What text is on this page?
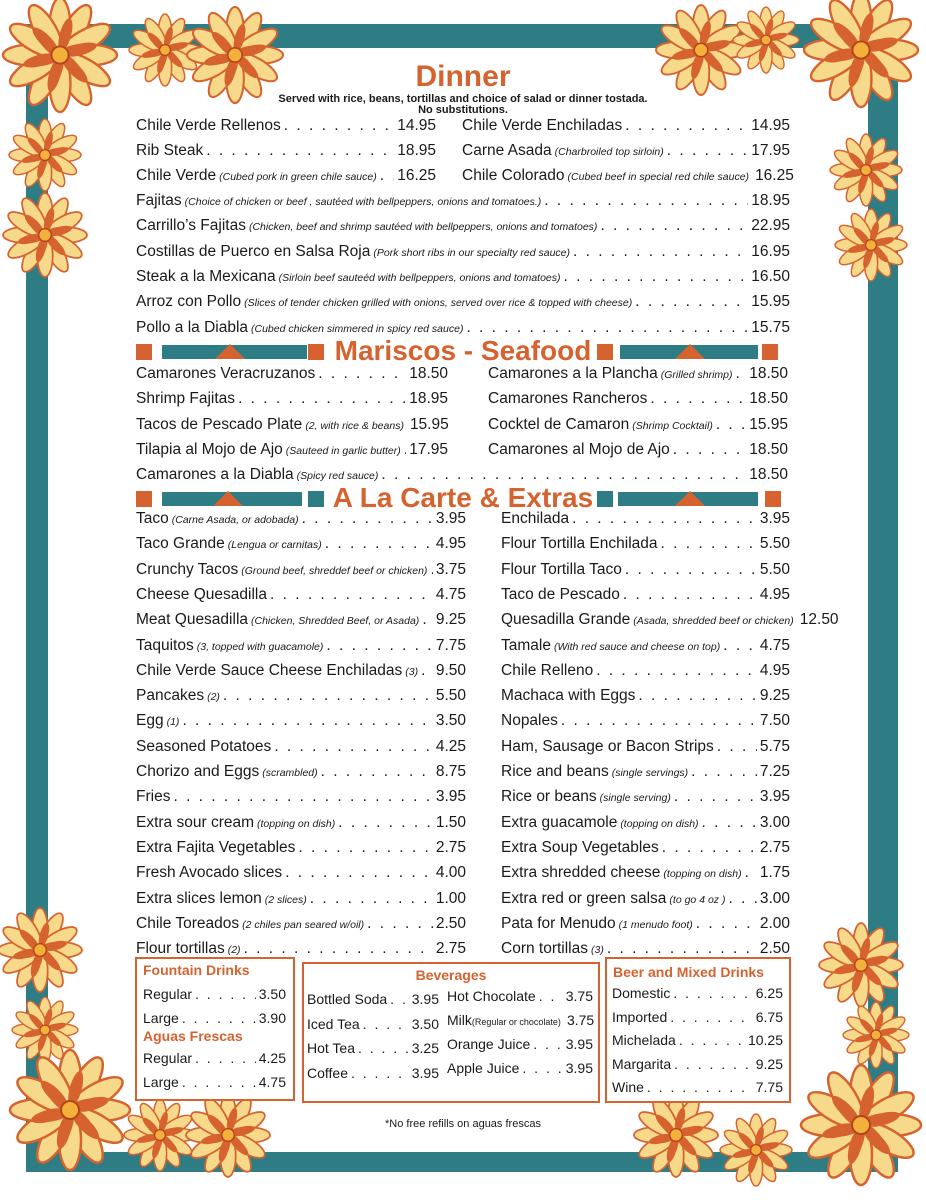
Dinner
Served with rice, beans, tortillas and choice of salad or dinner tostada.
No substitutions.
Chile Verde Rellenos . . .	14.95
Rib Steak . . .	18.95
Chile Verde (Cubed pork in green chile sauce) . . . 16.25
Chile Verde Enchiladas . . .	14.95
Carne Asada (Charbroiled top sirloin) . . .	17.95
Chile Colorado (Cubed beef in special red chile sauce) 16.25
Fajitas (Choice of chicken or beef , sautéed with bellpeppers, onions and tomatoes.) . . .	18.95
Carrillo’s Fajitas (Chicken, beef and shrimp sautéed with bellpeppers, onions and tomatoes) . . .	22.95
Costillas de Puerco en Salsa Roja (Pork short ribs in our specialty red sauce) . . .	16.95
Steak a la Mexicana (Sirloin beef sauteéd with bellpeppers, onions and tomatoes) . . .	16.50
Arroz con Pollo (Slices of tender chicken grilled with onions, served over rice & topped with cheese) . . .	15.95
Pollo a la Diabla (Cubed chicken simmered in spicy red sauce) . . .	15.75
Mariscos - Seafood
Camarones Veracruzanos . . .	18.50
Shrimp Fajitas . . .	18.95
Tacos de Pescado Plate (2, with rice & beans) 15.95
Tilapia al Mojo de Ajo (Sauteed in garlic butter) . . . 17.95
Camarones a la Plancha (Grilled shrimp) . . . 18.50
Camarones Rancheros . . .	18.50
Cocktel de Camaron (Shrimp Cocktail) . . . 15.95
Camarones al Mojo de Ajo . . .	18.50
Camarones a la Diabla (Spicy red sauce) . . .	18.50
A La Carte & Extras
Taco (Carne Asada, or adobada) . . .	3.95
Taco Grande (Lengua or carnitas) . . .	4.95
Crunchy Tacos (Ground beef, shreddef beef or chicken) . . . 3.75
Cheese Quesadilla . . .	4.75
Meat Quesadilla (Chicken, Shredded Beef, or Asada) . . . 9.25
Taquitos (3, topped with guacamole) . . .	7.75
Chile Verde Sauce Cheese Enchiladas (3) . . . 9.50
Pancakes (2) . . .	5.50
Egg (1) . . .	3.50
Seasoned Potatoes . . .	4.25
Chorizo and Eggs (scrambled) . . .	8.75
Fries . . .	3.95
Extra sour cream (topping on dish) . . .	1.50
Extra Fajita Vegetables . . .	2.75
Fresh Avocado slices . . .	4.00
Extra slices lemon (2 slices) . . .	1.00
Chile Toreados (2 chiles pan seared w/oil) . . .	2.50
Flour tortillas (2) . . .	2.75
Enchilada . . .	3.95
Flour Tortilla Enchilada . . .	5.50
Flour Tortilla Taco . . .	5.50
Taco de Pescado . . .	4.95
Quesadilla Grande (Asada, shredded beef or chicken) 12.50
Tamale (With red sauce and cheese on top) . . .	4.75
Chile Relleno . . .	4.95
Machaca with Eggs . . .	9.25
Nopales . . .	7.50
Ham, Sausage or Bacon Strips . . .	5.75
Rice and beans (single servings) . . .	7.25
Rice or beans (single serving) . . .	3.95
Extra guacamole (topping on dish) . . .	3.00
Extra Soup Vegetables . . .	2.75
Extra shredded cheese (topping on dish) . . . 1.75
Extra red or green salsa (to go 4 oz ) . . . 3.00
Pata for Menudo (1 menudo foot) . . .	2.00
Corn tortillas (3) . . .	2.50
Fountain Drinks
Aguas Frescas
Regular . . .	3.50
Large . . .	3.90
Regular . . .	4.25
Large . . .	4.75
Beverages
Bottled Soda . . . 3.95
Iced Tea . . .	3.50
Hot Tea . . .	3.25
Coffee . . .	3.95
Hot Chocolate . . . 3.75
Milk (Regular or chocolate) 3.75
Orange Juice . . .	3.95
Apple Juice . . .	3.95
Beer and Mixed Drinks
Domestic . . .	6.25
Imported . . .	6.75
Michelada . . .	10.25
Margarita . . .	9.25
Wine . . .	7.75
*No free refills on aguas frescas
